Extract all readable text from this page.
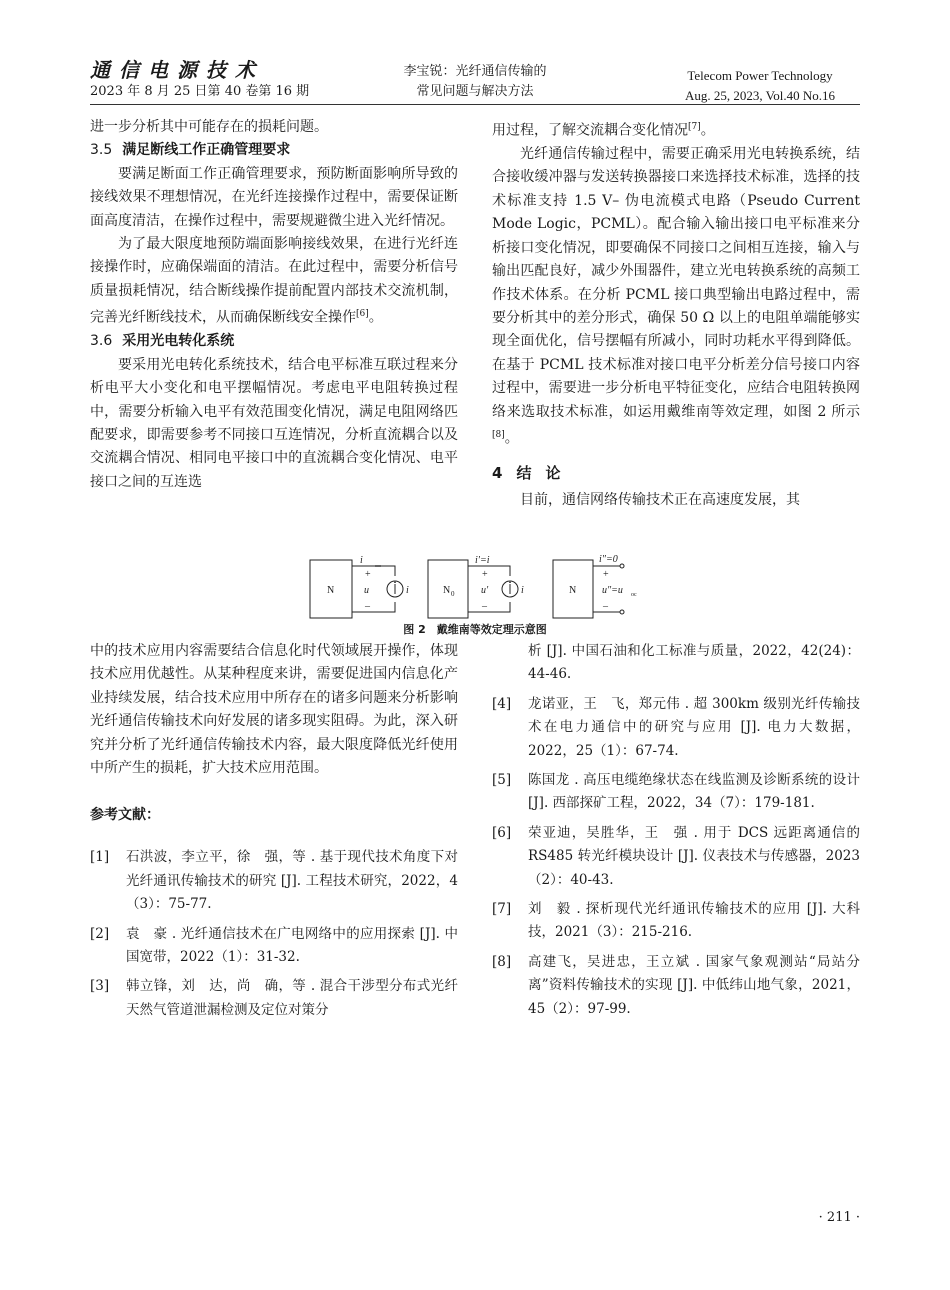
通信电源技术
2023 年 8 月 25 日第 40 卷第 16 期
李宝锐：光纤通信传输的
常见问题与解决方法
Telecom Power Technology
Aug. 25, 2023, Vol.40 No.16

进一步分析其中可能存在的损耗问题。

3.5 满足断线工作正确管理要求

要满足断面工作正确管理要求，预防断面影响所导致的接线效果不理想情况，在光纤连接操作过程中，需要保证断面高度清洁，在操作过程中，需要规避微尘进入光纤情况。

为了最大限度地预防端面影响接线效果，在进行光纤连接操作时，应确保端面的清洁。在此过程中，需要分析信号质量损耗情况，结合断线操作提前配置内部技术交流机制，完善光纤断线技术，从而确保断线安全操作[6]。

3.6 采用光电转化系统

要采用光电转化系统技术，结合电平标准互联过程来分析电平大小变化和电平摆幅情况。考虑电平电阻转换过程中，需要分析输入电平有效范围变化情况，满足电阻网络匹配要求，即需要参考不同接口互连情况，分析直流耦合以及交流耦合情况、相同电平接口中的直流耦合变化情况、电平接口之间的互连选

用过程，了解交流耦合变化情况[7]。

光纤通信传输过程中，需要正确采用光电转换系统，结合接收缓冲器与发送转换器接口来选择技术标准，选择的技术标准支持 1.5 V– 伪电流模式电路（Pseudo Current Mode Logic，PCML）。配合输入输出接口电平标准来分析接口变化情况，即要确保不同接口之间相互连接，输入与输出匹配良好，减少外围器件，建立光电转换系统的高频工作技术体系。在分析 PCML 接口典型输出电路过程中，需要分析其中的差分形式，确保 50 Ω 以上的电阻单端能够实现全面优化，信号摆幅有所减小，同时功耗水平得到降低。在基于 PCML 技术标准对接口电平分析差分信号接口内容过程中，需要进一步分析电平特征变化，应结合电阻转换网络来选取技术标准，如运用戴维南等效定理，如图 2 所示[8]。

4 结论

目前，通信网络传输技术正在高速度发展，其

N
i
+
u
–
i	N 0
i′=i
+
u′
–
i	N
i″=0
+
u″=u oc
–
图 2　戴维南等效定理示意图

中的技术应用内容需要结合信息化时代领域展开操作，体现技术应用优越性。从某种程度来讲，需要促进国内信息化产业持续发展，结合技术应用中所存在的诸多问题来分析影响光纤通信传输技术向好发展的诸多现实阻碍。为此，深入研究并分析了光纤通信传输技术内容，最大限度降低光纤使用中所产生的损耗，扩大技术应用范围。

参考文献：
[1]	石洪波，李立平，徐　强，等 . 基于现代技术角度下对光纤通讯传输技术的研究 [J]. 工程技术研究，2022，4（3）：75-77.
[2]	袁　豪 . 光纤通信技术在广电网络中的应用探索 [J]. 中国宽带，2022（1）：31-32.
[3]	韩立锋，刘　达，尚　确，等 . 混合干涉型分布式光纤天然气管道泄漏检测及定位对策分
析 [J]. 中国石油和化工标准与质量，2022，42(24)：44-46.
[4]	龙诺亚，王　飞，郑元伟 . 超 300km 级别光纤传输技术在电力通信中的研究与应用 [J]. 电力大数据，2022，25（1）：67-74.
[5]	陈国龙 . 高压电缆绝缘状态在线监测及诊断系统的设计 [J]. 西部探矿工程，2022，34（7）：179-181.
[6]	荣亚迪，吴胜华，王　强 . 用于 DCS 远距离通信的 RS485 转光纤模块设计 [J]. 仪表技术与传感器，2023（2）：40-43.
[7]	刘　毅 . 探析现代光纤通讯传输技术的应用 [J]. 大科技，2021（3）：215-216.
[8]	高建飞，吴进忠，王立斌 . 国家气象观测站“局站分离”资料传输技术的实现 [J]. 中低纬山地气象，2021，45（2）：97-99.
· 211 ·
